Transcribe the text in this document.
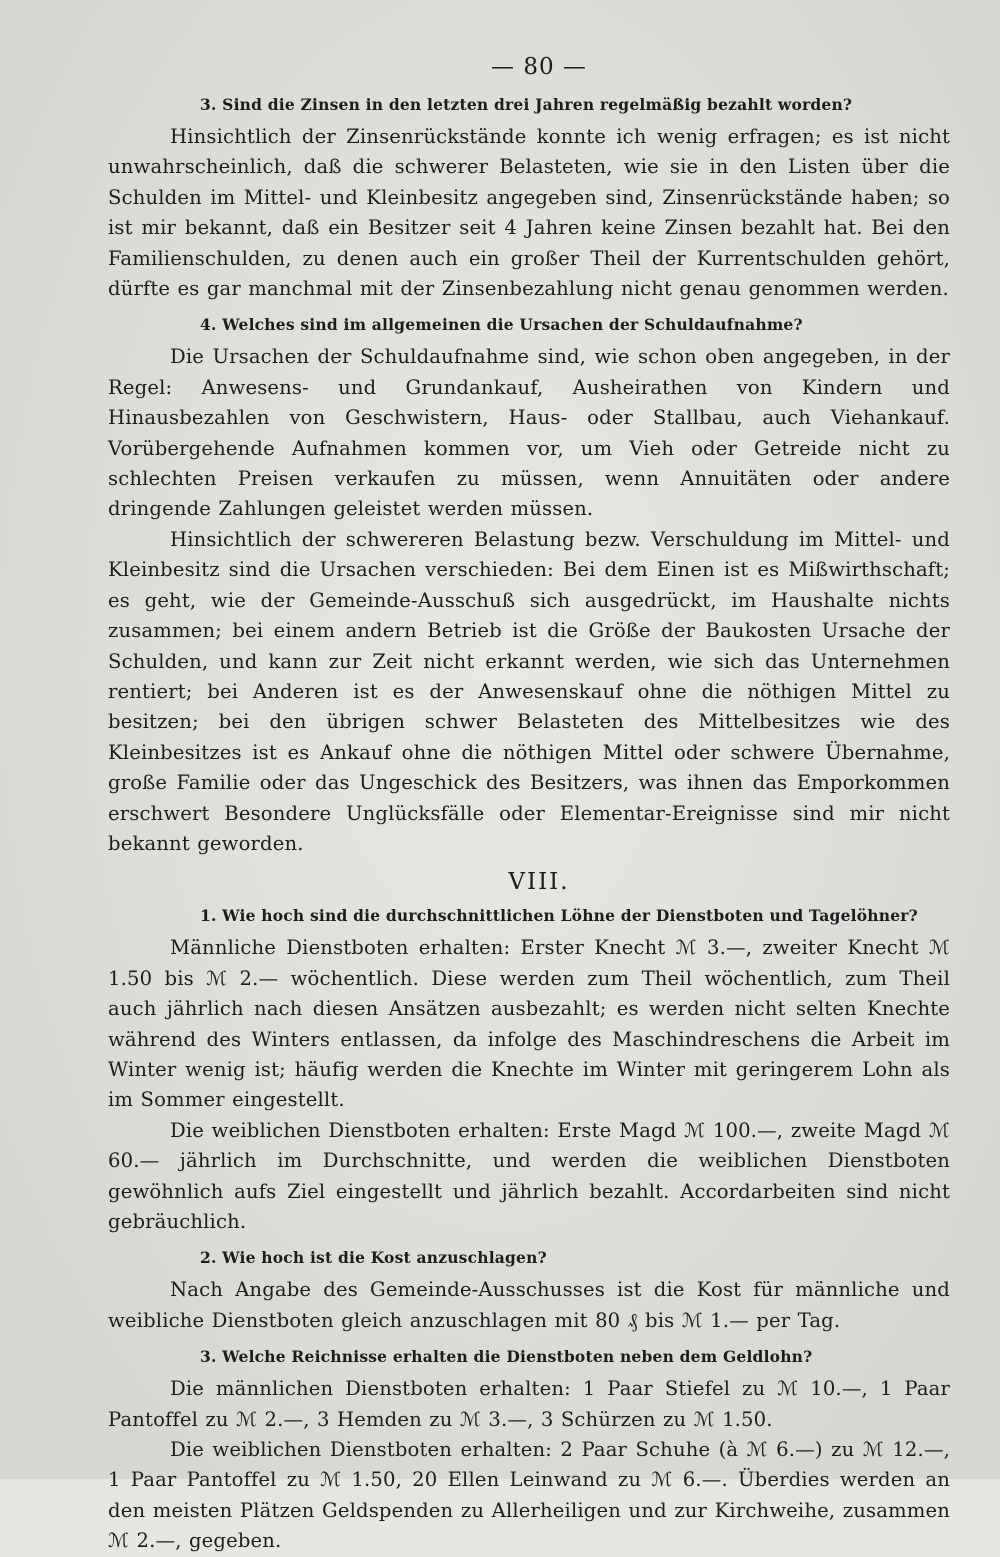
— 80 —
3. Sind die Zinsen in den letzten drei Jahren regelmäßig bezahlt worden?

Hinsichtlich der Zinsenrückstände konnte ich wenig erfragen; es ist nicht unwahrscheinlich, daß die schwerer Belasteten, wie sie in den Listen über die Schulden im Mittel- und Kleinbesitz angegeben sind, Zinsenrückstände haben; so ist mir bekannt, daß ein Besitzer seit 4 Jahren keine Zinsen bezahlt hat. Bei den Familienschulden, zu denen auch ein großer Theil der Kurrentschulden gehört, dürfte es gar manchmal mit der Zinsenbezahlung nicht genau genommen werden.

4. Welches sind im allgemeinen die Ursachen der Schuldaufnahme?

Die Ursachen der Schuldaufnahme sind, wie schon oben angegeben, in der Regel: Anwesens- und Grundankauf, Ausheirathen von Kindern und Hinausbezahlen von Geschwistern, Haus- oder Stallbau, auch Viehankauf. Vorübergehende Aufnahmen kommen vor, um Vieh oder Getreide nicht zu schlechten Preisen verkaufen zu müssen, wenn Annuitäten oder andere dringende Zahlungen geleistet werden müssen.

Hinsichtlich der schwereren Belastung bezw. Verschuldung im Mittel- und Kleinbesitz sind die Ursachen verschieden: Bei dem Einen ist es Mißwirthschaft; es geht, wie der Gemeinde-Ausschuß sich ausgedrückt, im Haushalte nichts zusammen; bei einem andern Betrieb ist die Größe der Baukosten Ursache der Schulden, und kann zur Zeit nicht erkannt werden, wie sich das Unternehmen rentiert; bei Anderen ist es der Anwesenskauf ohne die nöthigen Mittel zu besitzen; bei den übrigen schwer Belasteten des Mittelbesitzes wie des Kleinbesitzes ist es Ankauf ohne die nöthigen Mittel oder schwere Übernahme, große Familie oder das Ungeschick des Besitzers, was ihnen das Emporkommen erschwert Besondere Unglücksfälle oder Elementar-Ereignisse sind mir nicht bekannt geworden.

VIII.
1. Wie hoch sind die durchschnittlichen Löhne der Dienstboten und Tagelöhner?

Männliche Dienstboten erhalten: Erster Knecht ℳ 3.—, zweiter Knecht ℳ 1.50 bis ℳ 2.— wöchentlich. Diese werden zum Theil wöchentlich, zum Theil auch jährlich nach diesen Ansätzen ausbezahlt; es werden nicht selten Knechte während des Winters entlassen, da infolge des Maschindreschens die Arbeit im Winter wenig ist; häufig werden die Knechte im Winter mit geringerem Lohn als im Sommer eingestellt.

Die weiblichen Dienstboten erhalten: Erste Magd ℳ 100.—, zweite Magd ℳ 60.— jährlich im Durchschnitte, und werden die weiblichen Dienstboten gewöhnlich aufs Ziel eingestellt und jährlich bezahlt. Accordarbeiten sind nicht gebräuchlich.

2. Wie hoch ist die Kost anzuschlagen?

Nach Angabe des Gemeinde-Ausschusses ist die Kost für männliche und weibliche Dienstboten gleich anzuschlagen mit 80 ₰ bis ℳ 1.— per Tag.

3. Welche Reichnisse erhalten die Dienstboten neben dem Geldlohn?

Die männlichen Dienstboten erhalten: 1 Paar Stiefel zu ℳ 10.—, 1 Paar Pantoffel zu ℳ 2.—, 3 Hemden zu ℳ 3.—, 3 Schürzen zu ℳ 1.50.

Die weiblichen Dienstboten erhalten: 2 Paar Schuhe (à ℳ 6.—) zu ℳ 12.—, 1 Paar Pantoffel zu ℳ 1.50, 20 Ellen Leinwand zu ℳ 6.—. Überdies werden an den meisten Plätzen Geldspenden zu Allerheiligen und zur Kirchweihe, zusammen ℳ 2.—, gegeben.
